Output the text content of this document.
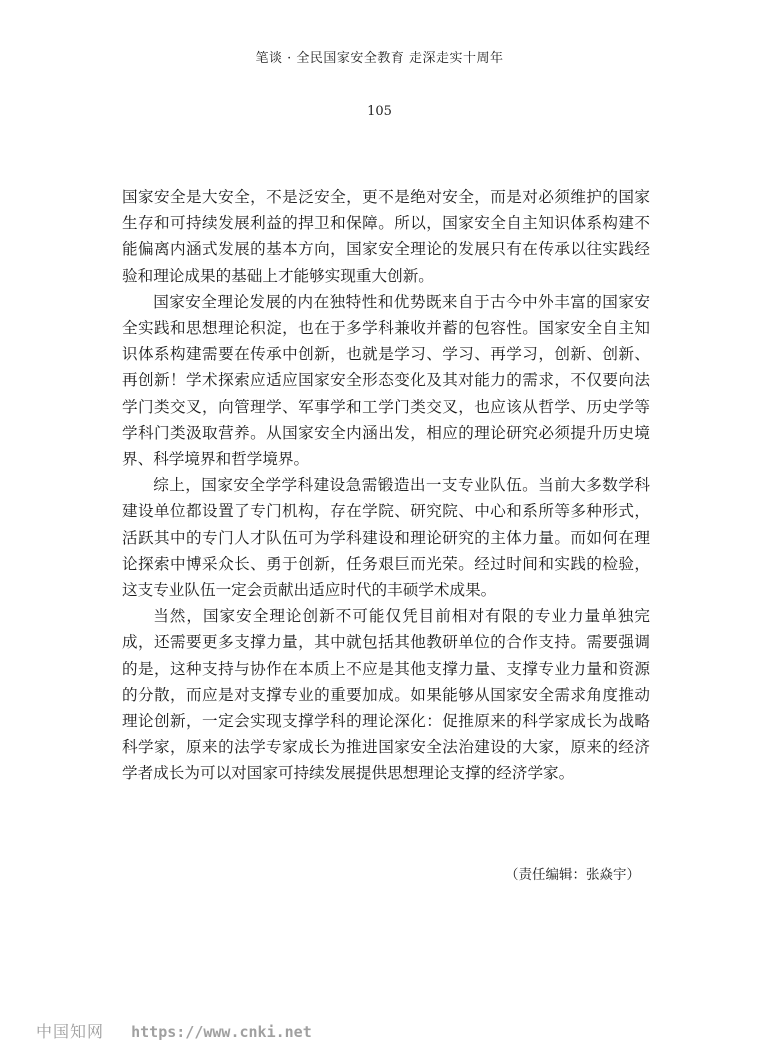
笔谈 · 全民国家安全教育 走深走实十周年
105

国家安全是大安全，不是泛安全，更不是绝对安全，而是对必须维护的国家生存和可持续发展利益的捍卫和保障。所以，国家安全自主知识体系构建不能偏离内涵式发展的基本方向，国家安全理论的发展只有在传承以往实践经验和理论成果的基础上才能够实现重大创新。

国家安全理论发展的内在独特性和优势既来自于古今中外丰富的国家安全实践和思想理论积淀，也在于多学科兼收并蓄的包容性。国家安全自主知识体系构建需要在传承中创新，也就是学习、学习、再学习，创新、创新、再创新！学术探索应适应国家安全形态变化及其对能力的需求，不仅要向法学门类交叉，向管理学、军事学和工学门类交叉，也应该从哲学、历史学等学科门类汲取营养。从国家安全内涵出发，相应的理论研究必须提升历史境界、科学境界和哲学境界。

综上，国家安全学学科建设急需锻造出一支专业队伍。当前大多数学科建设单位都设置了专门机构，存在学院、研究院、中心和系所等多种形式，活跃其中的专门人才队伍可为学科建设和理论研究的主体力量。而如何在理论探索中博采众长、勇于创新，任务艰巨而光荣。经过时间和实践的检验，这支专业队伍一定会贡献出适应时代的丰硕学术成果。

当然，国家安全理论创新不可能仅凭目前相对有限的专业力量单独完成，还需要更多支撑力量，其中就包括其他教研单位的合作支持。需要强调的是，这种支持与协作在本质上不应是其他支撑力量、支撑专业力量和资源的分散，而应是对支撑专业的重要加成。如果能够从国家安全需求角度推动理论创新，一定会实现支撑学科的理论深化：促推原来的科学家成长为战略科学家，原来的法学专家成长为推进国家安全法治建设的大家，原来的经济学者成长为可以对国家可持续发展提供思想理论支撑的经济学家。

（责任编辑：张焱宇）
中国知网 https://www.cnki.net
